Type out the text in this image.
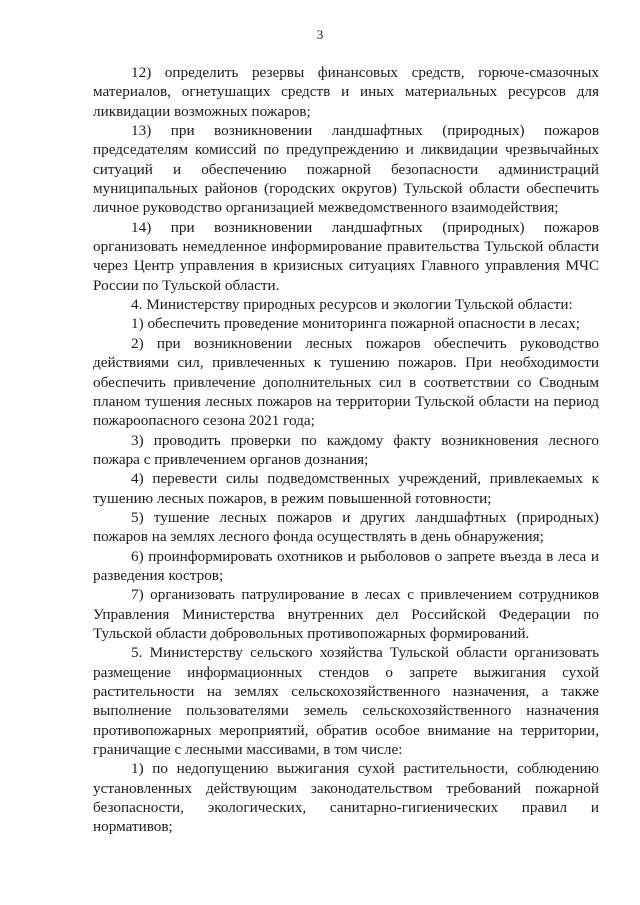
3

12) определить резервы финансовых средств, горюче-смазочных материалов, огнетушащих средств и иных материальных ресурсов для ликвидации возможных пожаров;

13) при возникновении ландшафтных (природных) пожаров председателям комиссий по предупреждению и ликвидации чрезвычайных ситуаций и обеспечению пожарной безопасности администраций муниципальных районов (городских округов) Тульской области обеспечить личное руководство организацией межведомственного взаимодействия;

14) при возникновении ландшафтных (природных) пожаров организовать немедленное информирование правительства Тульской области через Центр управления в кризисных ситуациях Главного управления МЧС России по Тульской области.

4. Министерству природных ресурсов и экологии Тульской области:

1) обеспечить проведение мониторинга пожарной опасности в лесах;

2) при возникновении лесных пожаров обеспечить руководство действиями сил, привлеченных к тушению пожаров. При необходимости обеспечить привлечение дополнительных сил в соответствии со Сводным планом тушения лесных пожаров на территории Тульской области на период пожароопасного сезона 2021 года;

3) проводить проверки по каждому факту возникновения лесного пожара с привлечением органов дознания;

4) перевести силы подведомственных учреждений, привлекаемых к тушению лесных пожаров, в режим повышенной готовности;

5) тушение лесных пожаров и других ландшафтных (природных) пожаров на землях лесного фонда осуществлять в день обнаружения;

6) проинформировать охотников и рыболовов о запрете въезда в леса и разведения костров;

7) организовать патрулирование в лесах с привлечением сотрудников Управления Министерства внутренних дел Российской Федерации по Тульской области добровольных противопожарных формирований.

5. Министерству сельского хозяйства Тульской области организовать размещение информационных стендов о запрете выжигания сухой растительности на землях сельскохозяйственного назначения, а также выполнение пользователями земель сельскохозяйственного назначения противопожарных мероприятий, обратив особое внимание на территории, граничащие с лесными массивами, в том числе:

1) по недопущению выжигания сухой растительности, соблюдению установленных действующим законодательством требований пожарной безопасности, экологических, санитарно-гигиенических правил и нормативов;
